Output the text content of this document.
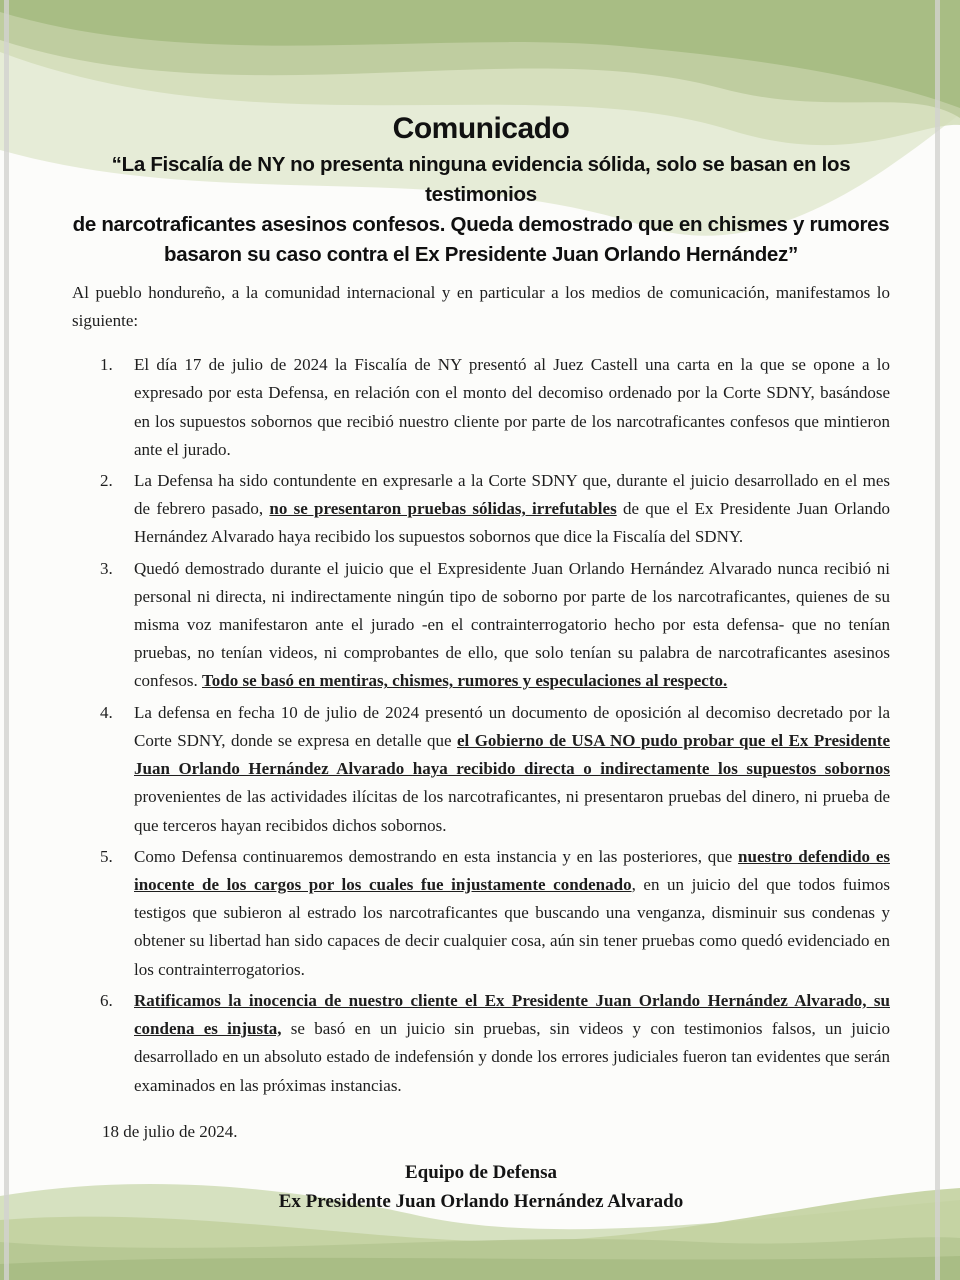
Comunicado
“La Fiscalía de NY no presenta ninguna evidencia sólida, solo se basan en los testimonios
de narcotraficantes asesinos confesos. Queda demostrado que en chismes y rumores
basaron su caso contra el Ex Presidente Juan Orlando Hernández”

Al pueblo hondureño, a la comunidad internacional y en particular a los medios de comunicación, manifestamos lo siguiente:

1. El día 17 de julio de 2024 la Fiscalía de NY presentó al Juez Castell una carta en la que se opone a lo expresado por esta Defensa, en relación con el monto del decomiso ordenado por la Corte SDNY, basándose en los supuestos sobornos que recibió nuestro cliente por parte de los narcotraficantes confesos que mintieron ante el jurado.
2. La Defensa ha sido contundente en expresarle a la Corte SDNY que, durante el juicio desarrollado en el mes de febrero pasado, no se presentaron pruebas sólidas, irrefutables de que el Ex Presidente Juan Orlando Hernández Alvarado haya recibido los supuestos sobornos que dice la Fiscalía del SDNY.
3. Quedó demostrado durante el juicio que el Expresidente Juan Orlando Hernández Alvarado nunca recibió ni personal ni directa, ni indirectamente ningún tipo de soborno por parte de los narcotraficantes, quienes de su misma voz manifestaron ante el jurado -en el contrainterrogatorio hecho por esta defensa- que no tenían pruebas, no tenían videos, ni comprobantes de ello, que solo tenían su palabra de narcotraficantes asesinos confesos. Todo se basó en mentiras, chismes, rumores y especulaciones al respecto.
4. La defensa en fecha 10 de julio de 2024 presentó un documento de oposición al decomiso decretado por la Corte SDNY, donde se expresa en detalle que el Gobierno de USA NO pudo probar que el Ex Presidente Juan Orlando Hernández Alvarado haya recibido directa o indirectamente los supuestos sobornos provenientes de las actividades ilícitas de los narcotraficantes, ni presentaron pruebas del dinero, ni prueba de que terceros hayan recibidos dichos sobornos.
5. Como Defensa continuaremos demostrando en esta instancia y en las posteriores, que nuestro defendido es inocente de los cargos por los cuales fue injustamente condenado, en un juicio del que todos fuimos testigos que subieron al estrado los narcotraficantes que buscando una venganza, disminuir sus condenas y obtener su libertad han sido capaces de decir cualquier cosa, aún sin tener pruebas como quedó evidenciado en los contrainterrogatorios.
6. Ratificamos la inocencia de nuestro cliente el Ex Presidente Juan Orlando Hernández Alvarado, su condena es injusta, se basó en un juicio sin pruebas, sin videos y con testimonios falsos, un juicio desarrollado en un absoluto estado de indefensión y donde los errores judiciales fueron tan evidentes que serán examinados en las próximas instancias.
18 de julio de 2024.
Equipo de Defensa
Ex Presidente Juan Orlando Hernández Alvarado
